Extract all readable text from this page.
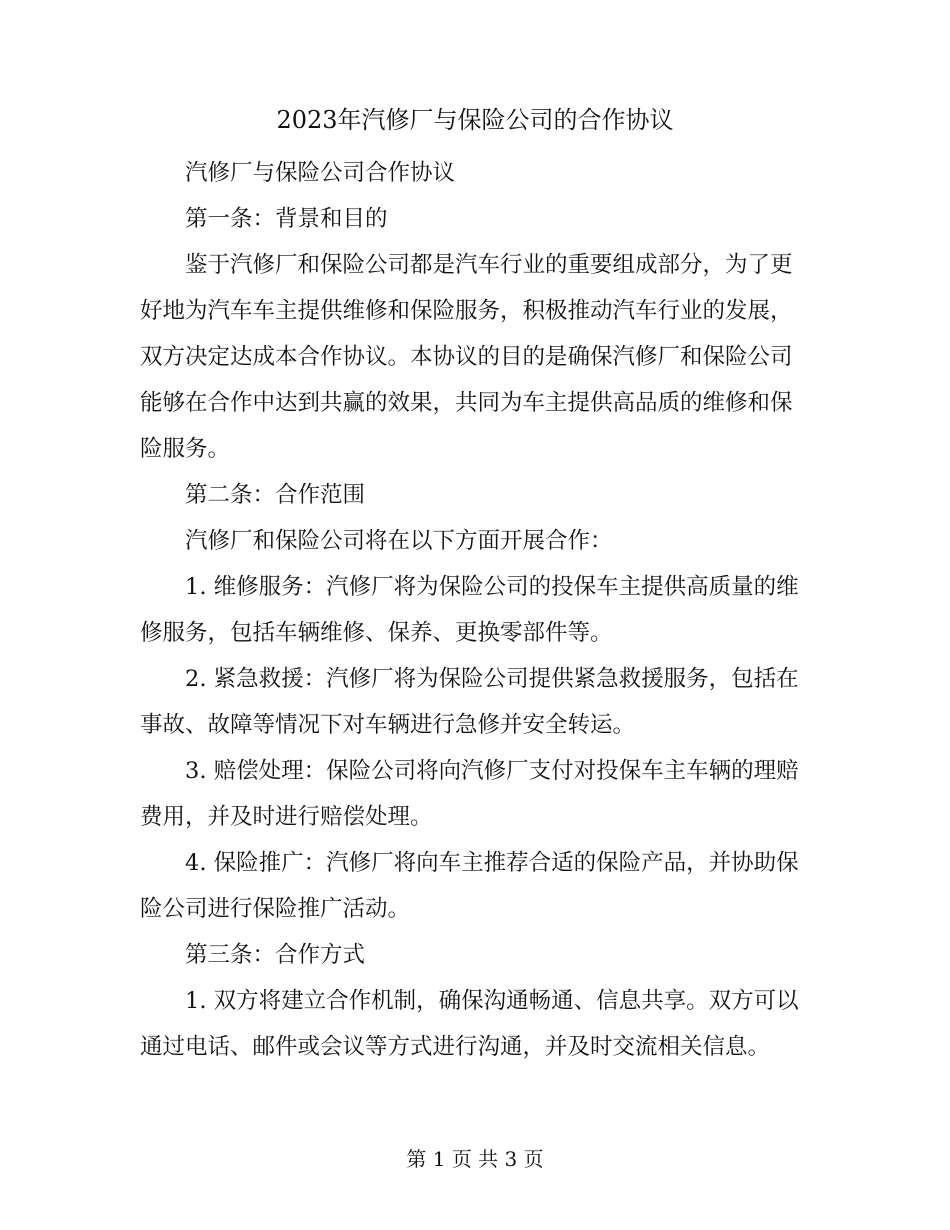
2023年汽修厂与保险公司的合作协议

汽修厂与保险公司合作协议

第一条：背景和目的

鉴于汽修厂和保险公司都是汽车行业的重要组成部分，为了更好地为汽车车主提供维修和保险服务，积极推动汽车行业的发展，双方决定达成本合作协议。本协议的目的是确保汽修厂和保险公司能够在合作中达到共赢的效果，共同为车主提供高品质的维修和保险服务。

第二条：合作范围

汽修厂和保险公司将在以下方面开展合作：

1. 维修服务：汽修厂将为保险公司的投保车主提供高质量的维修服务，包括车辆维修、保养、更换零部件等。

2. 紧急救援：汽修厂将为保险公司提供紧急救援服务，包括在事故、故障等情况下对车辆进行急修并安全转运。

3. 赔偿处理：保险公司将向汽修厂支付对投保车主车辆的理赔费用，并及时进行赔偿处理。

4. 保险推广：汽修厂将向车主推荐合适的保险产品，并协助保险公司进行保险推广活动。

第三条：合作方式

1. 双方将建立合作机制，确保沟通畅通、信息共享。双方可以通过电话、邮件或会议等方式进行沟通，并及时交流相关信息。

第 1 页 共 3 页
